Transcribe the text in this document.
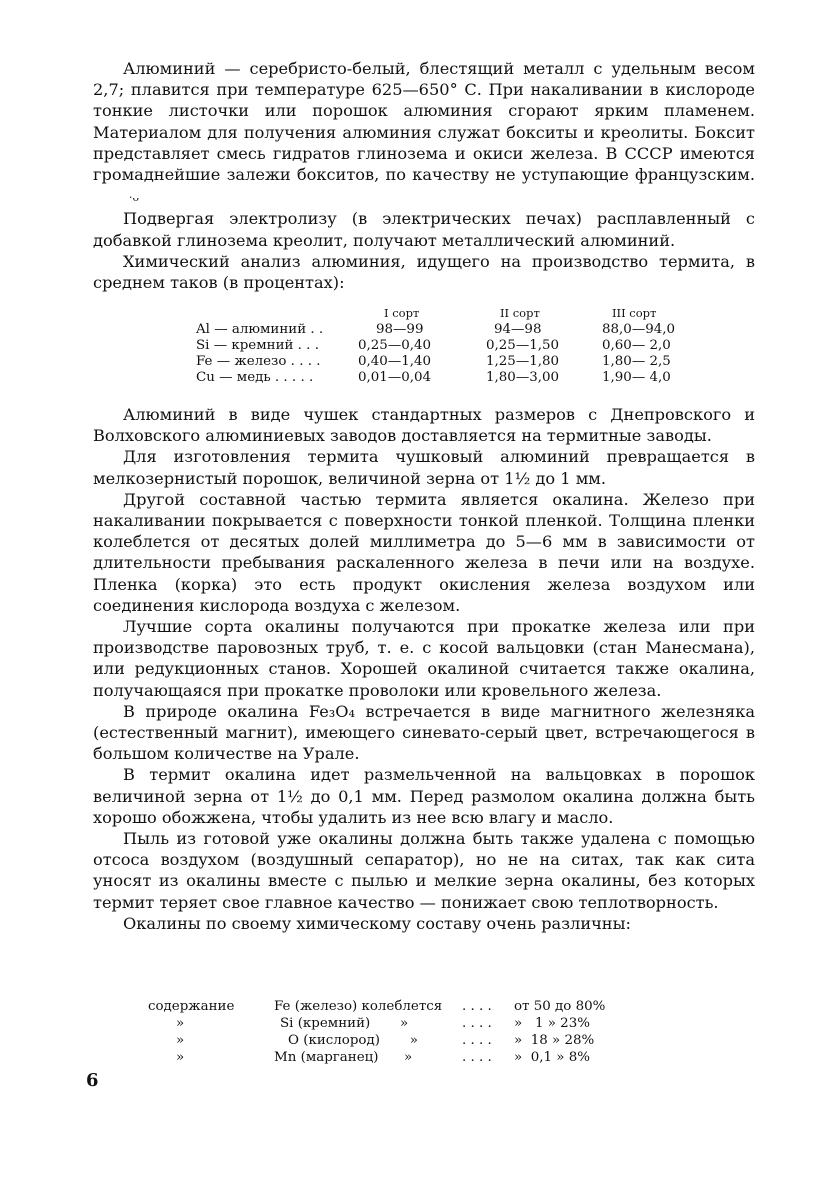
Алюминий — серебристо-белый, блестящий металл с удельным весом 2,7; плавится при температуре 625—650° С. При накаливании в кислороде тонкие листочки или порошок алюминия сгорают ярким пламенем. Материалом для получения алюминия служат бокситы и креолиты. Боксит представляет смесь гидратов глинозема и окиси железа. В СССР имеются громаднейшие залежи бокситов, по качеству не уступающие французским.·ᴗ

Подвергая электролизу (в электрических печах) расплавленный с добавкой глинозема креолит, получают металлический алюминий.

Химический анализ алюминия, идущего на производство термита, в среднем таков (в процентах):

	I сорт	II сорт	III сорт
Al — алюминий . .	98—99	94—98	88,0—94,0
Si — кремний . . .	0,25—0,40	0,25—1,50	0,60— 2,0
Fe — железо . . . .	0,40—1,40	1,25—1,80	1,80— 2,5
Cu — медь . . . . .	0,01—0,04	1,80—3,00	1,90— 4,0

Алюминий в виде чушек стандартных размеров с Днепровского и Волховского алюминиевых заводов доставляется на термитные заводы.

Для изготовления термита чушковый алюминий превращается в мелкозернистый порошок, величиной зерна от 1½ до 1 мм.

Другой составной частью термита является окалина. Железо при накаливании покрывается с поверхности тонкой пленкой. Толщина пленки колеблется от десятых долей миллиметра до 5—6 мм в зависимости от длительности пребывания раскаленного железа в печи или на воздухе. Пленка (корка) это есть продукт окисления железа воздухом или соединения кислорода воздуха с железом.

Лучшие сорта окалины получаются при прокатке железа или при производстве паровозных труб, т. е. с косой вальцовки (стан Манесмана), или редукционных станов. Хорошей окалиной считается также окалина, получающаяся при прокатке проволоки или кровельного железа.

В природе окалина Fe₃O₄ встречается в виде магнитного железняка (естественный магнит), имеющего синевато-серый цвет, встречающегося в большом количестве на Урале.

В термит окалина идет размельченной на вальцовках в порошок величиной зерна от 1½ до 0,1 мм. Перед размолом окалина должна быть хорошо обожжена, чтобы удалить из нее всю влагу и масло.

Пыль из готовой уже окалины должна быть также удалена с помощью отсоса воздухом (воздушный сепаратор), но не на ситах, так как сита уносят из окалины вместе с пылью и мелкие зерна окалины, без которых термит теряет свое главное качество — понижает свою теплотворность.

Окалины по своему химическому составу очень различны:

содержание	Fe (железо) колеблется	. . . .	от 50 до 80%
»	Si (кремний)       »	. . . .	»   1 » 23%
»	O (кислород)       »	. . . .	»  18 » 28%
»	Mn (марганец)      »	. . . .	»  0,1 » 8%
6
